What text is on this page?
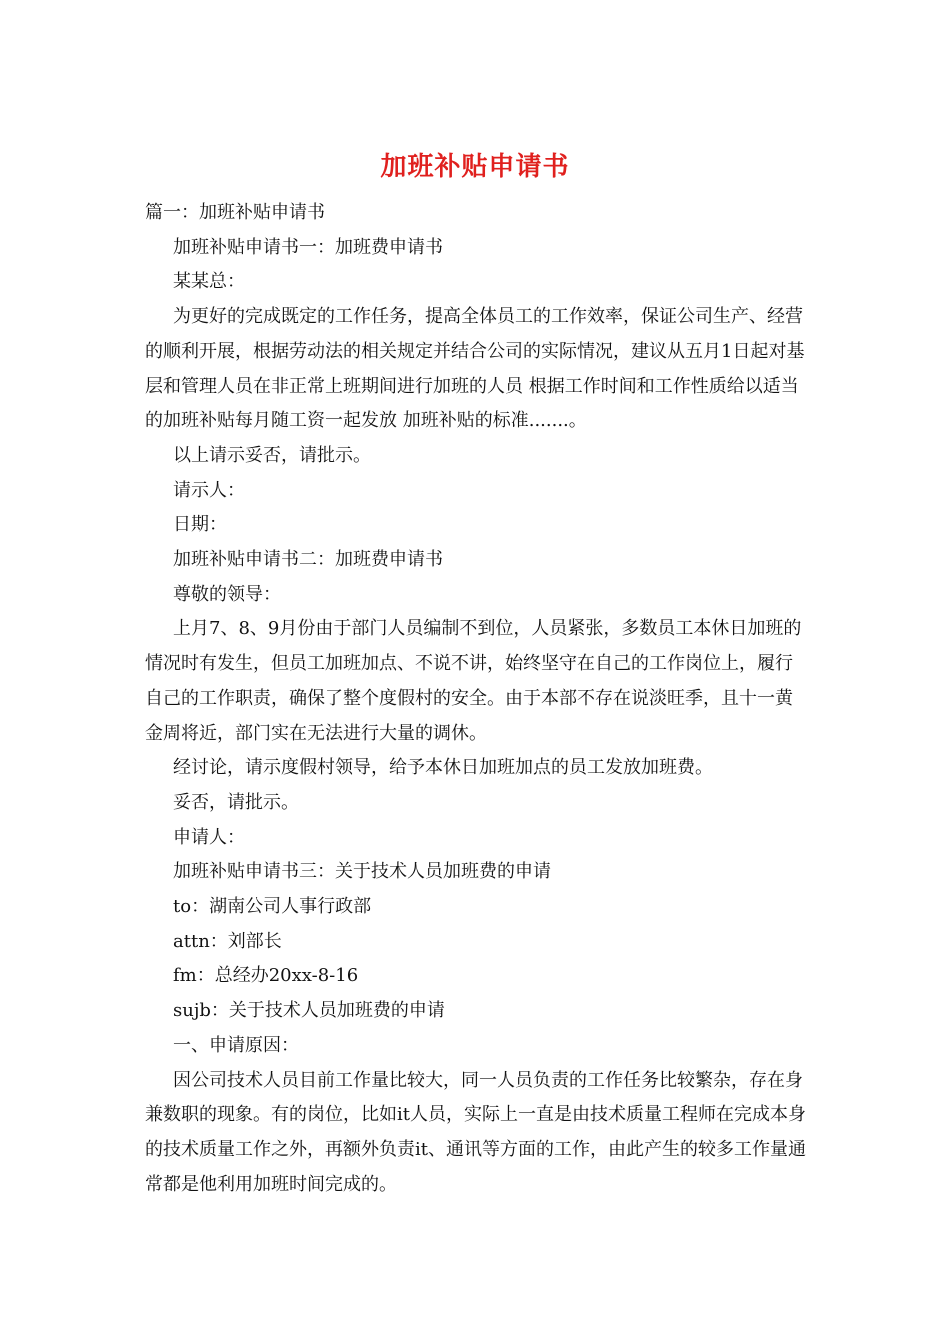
加班补贴申请书

篇一：加班补贴申请书

加班补贴申请书一：加班费申请书

某某总：

为更好的完成既定的工作任务，提高全体员工的工作效率，保证公司生产、经营的顺利开展，根据劳动法的相关规定并结合公司的实际情况，建议从五月1日起对基层和管理人员在非正常上班期间进行加班的人员 根据工作时间和工作性质给以适当的加班补贴每月随工资一起发放 加班补贴的标准.......。

以上请示妥否，请批示。

请示人：

日期：

加班补贴申请书二：加班费申请书

尊敬的领导：

上月7、8、9月份由于部门人员编制不到位，人员紧张，多数员工本休日加班的情况时有发生，但员工加班加点、不说不讲，始终坚守在自己的工作岗位上，履行自己的工作职责，确保了整个度假村的安全。由于本部不存在说淡旺季，且十一黄金周将近，部门实在无法进行大量的调休。

经讨论，请示度假村领导，给予本休日加班加点的员工发放加班费。

妥否，请批示。

申请人：

加班补贴申请书三：关于技术人员加班费的申请

to：湖南公司人事行政部

attn：刘部长

fm：总经办20xx-8-16

sujb：关于技术人员加班费的申请

一、申请原因：

因公司技术人员目前工作量比较大，同一人员负责的工作任务比较繁杂，存在身兼数职的现象。有的岗位，比如it人员，实际上一直是由技术质量工程师在完成本身的技术质量工作之外，再额外负责it、通讯等方面的工作，由此产生的较多工作量通常都是他利用加班时间完成的。
